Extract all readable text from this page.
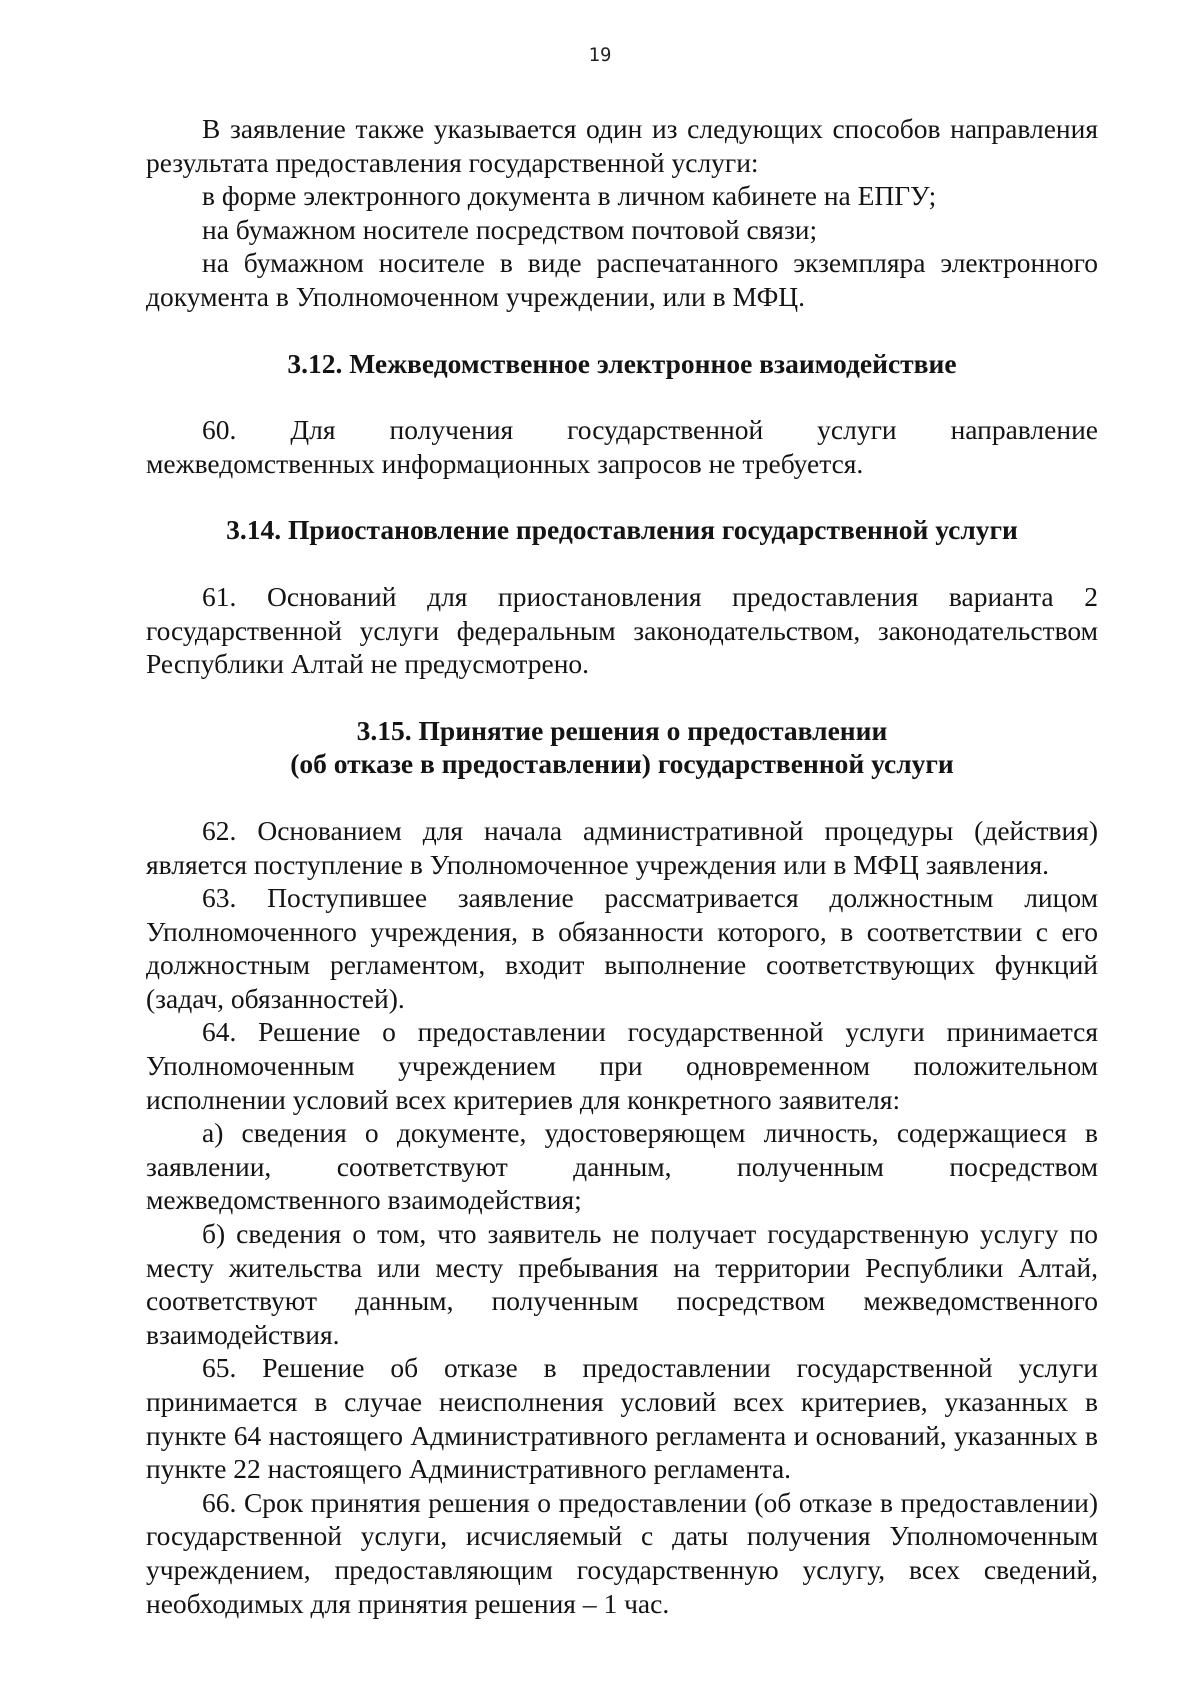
19

В заявление также указывается один из следующих способов направления результата предоставления государственной услуги:

в форме электронного документа в личном кабинете на ЕПГУ;

на бумажном носителе посредством почтовой связи;

на бумажном носителе в виде распечатанного экземпляра электронного документа в Уполномоченном учреждении, или в МФЦ.

3.12. Межведомственное электронное взаимодействие

60. Для получения государственной услуги направление межведомственных информационных запросов не требуется.

3.14. Приостановление предоставления государственной услуги

61. Оснований для приостановления предоставления варианта 2 государственной услуги федеральным законодательством, законодательством Республики Алтай не предусмотрено.

3.15. Принятие решения о предоставлении
(об отказе в предоставлении) государственной услуги

62. Основанием для начала административной процедуры (действия) является поступление в Уполномоченное учреждения или в МФЦ заявления.

63. Поступившее заявление рассматривается должностным лицом Уполномоченного учреждения, в обязанности которого, в соответствии с его должностным регламентом, входит выполнение соответствующих функций (задач, обязанностей).

64. Решение о предоставлении государственной услуги принимается Уполномоченным учреждением при одновременном положительном исполнении условий всех критериев для конкретного заявителя:

а) сведения о документе, удостоверяющем личность, содержащиеся в заявлении, соответствуют данным, полученным посредством межведомственного взаимодействия;

б) сведения о том, что заявитель не получает государственную услугу по месту жительства или месту пребывания на территории Республики Алтай, соответствуют данным, полученным посредством межведомственного взаимодействия.

65. Решение об отказе в предоставлении государственной услуги принимается в случае неисполнения условий всех критериев, указанных в пункте 64 настоящего Административного регламента и оснований, указанных в пункте 22 настоящего Административного регламента.

66. Срок принятия решения о предоставлении (об отказе в предоставлении) государственной услуги, исчисляемый с даты получения Уполномоченным учреждением, предоставляющим государственную услугу, всех сведений, необходимых для принятия решения – 1 час.
